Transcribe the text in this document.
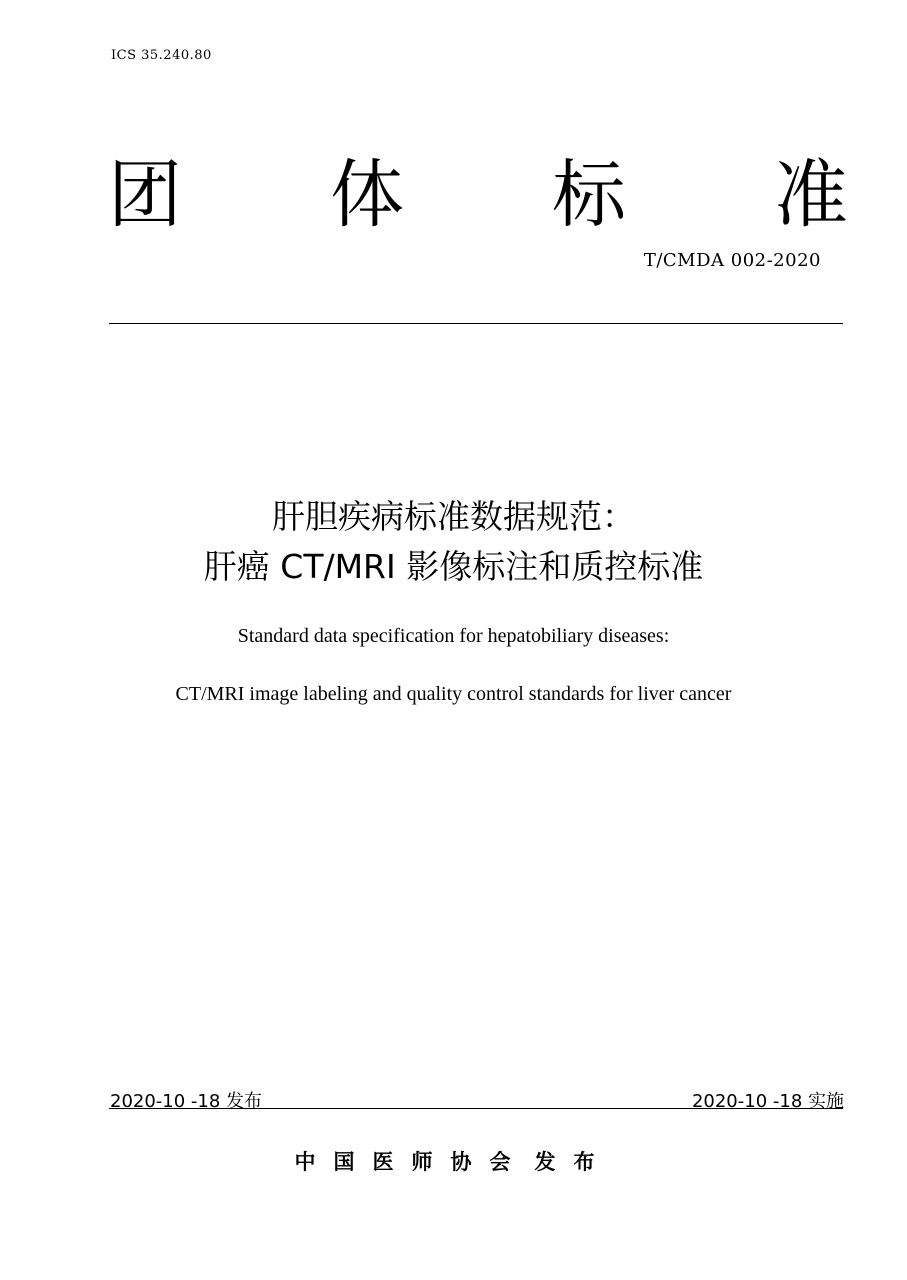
ICS 35.240.80
团 体 标 准
T/CMDA 002-2020
肝胆疾病标准数据规范：
肝癌 CT/MRI 影像标注和质控标准
Standard data specification for hepatobiliary diseases:
CT/MRI image labeling and quality control standards for liver cancer
2020-10 -18 发布	2020-10 -18 实施
中国医师协会 发布
